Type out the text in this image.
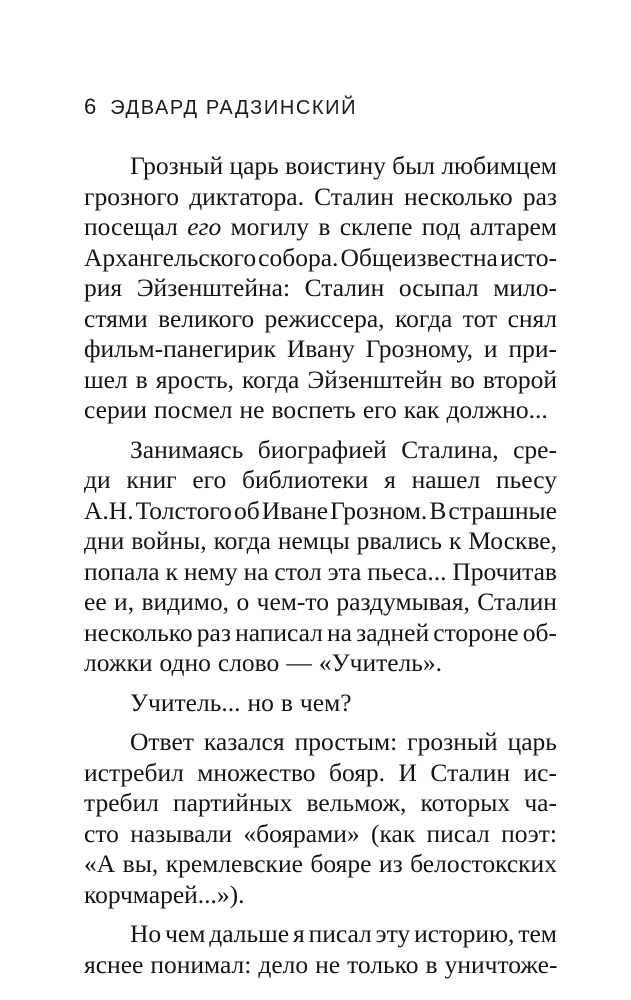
6 ЭДВАРД РАДЗИНСКИЙ
Грозный царь воистину был любимцем
грозного диктатора. Сталин несколько раз
посещал его могилу в склепе под алтарем
Архангельского собора. Общеизвестна исто-
рия Эйзенштейна: Сталин осыпал мило-
стями великого режиссера, когда тот снял
фильм-панегирик Ивану Грозному, и при-
шел в ярость, когда Эйзенштейн во второй
серии посмел не воспеть его как должно...
Занимаясь биографией Сталина, сре-
ди книг его библиотеки я нашел пьесу
А.Н. Толстого об Иване Грозном. В страшные
дни войны, когда немцы рвались к Москве,
попала к нему на стол эта пьеса... Прочитав
ее и, видимо, о чем-то раздумывая, Сталин
несколько раз написал на задней стороне об-
ложки одно слово — «Учитель».
Учитель... но в чем?
Ответ казался простым: грозный царь
истребил множество бояр. И Сталин ис-
требил партийных вельмож, которых ча-
сто называли «боярами» (как писал поэт:
«А вы, кремлевские бояре из белостокских
корчмарей...»).
Но чем дальше я писал эту историю, тем
яснее понимал: дело не только в уничтоже-
